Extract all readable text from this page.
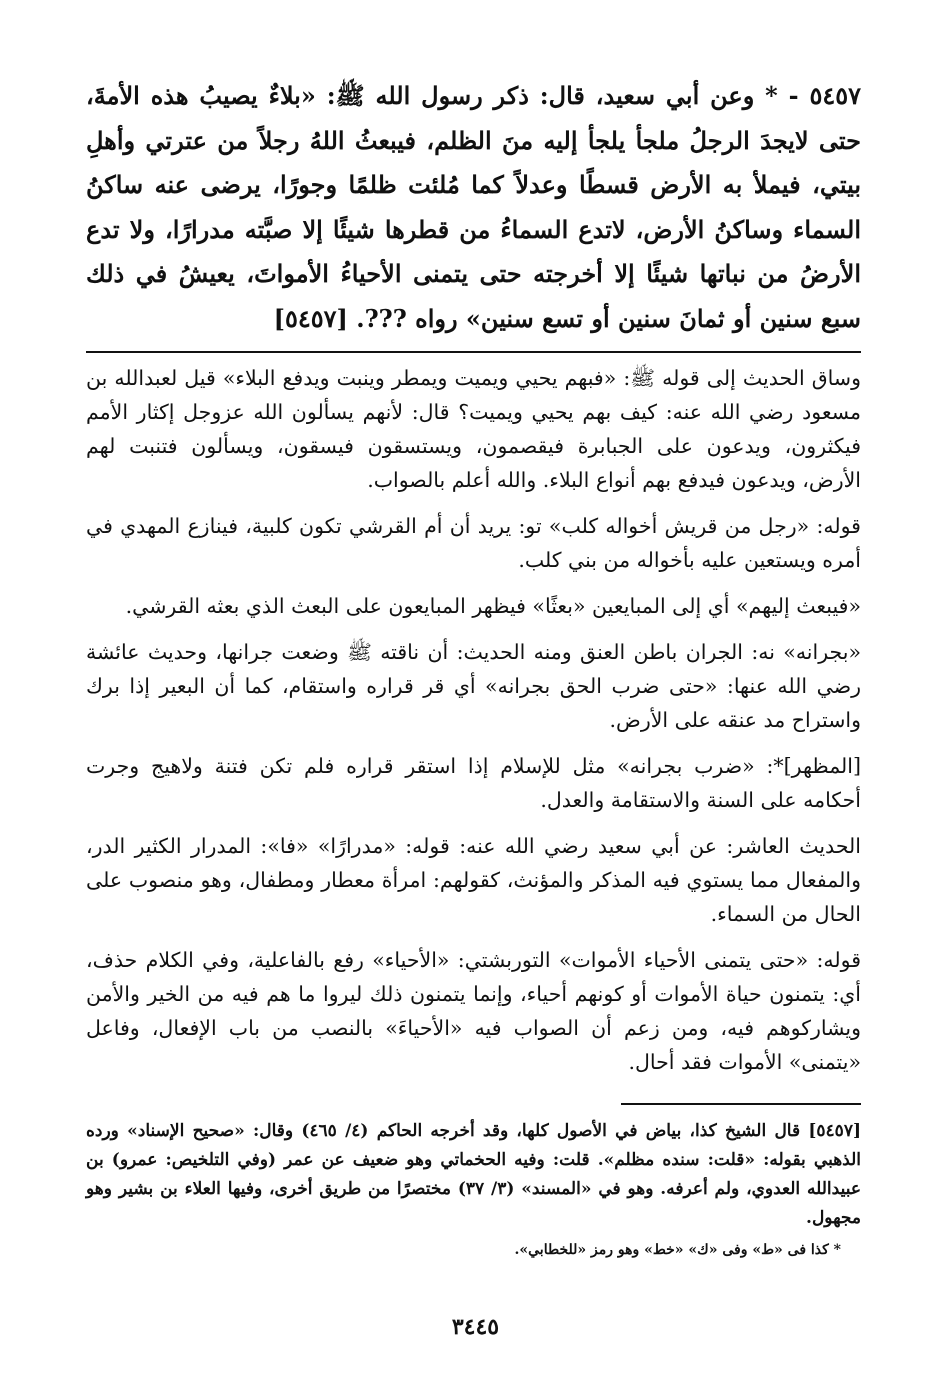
٥٤٥٧ - * وعن أبي سعيد، قال: ذكر رسول الله ﷺ: «بلاءٌ يصيبُ هذه الأمةَ، حتى لايجدَ الرجلُ ملجأ يلجأ إليه منَ الظلم، فيبعثُ اللهُ رجلاً من عترتي وأهلِ بيتي، فيملأ به الأرض قسطًا وعدلاً كما مُلئت ظلمًا وجورًا، يرضى عنه ساكنُ السماء وساكنُ الأرض، لاتدع السماءُ من قطرها شيئًا إلا صبَّته مدرارًا، ولا تدع الأرضُ من نباتها شيئًا إلا أخرجته حتى يتمنى الأحياءُ الأمواتَ، يعيشُ في ذلك سبع سنين أو ثمانَ سنين أو تسع سنين» رواه ???. [٥٤٥٧]

وساق الحديث إلى قوله ﷺ: «فبهم يحيي ويميت ويمطر وينبت ويدفع البلاء» قيل لعبدالله بن مسعود رضي الله عنه: كيف بهم يحيي ويميت؟ قال: لأنهم يسألون الله عزوجل إكثار الأمم فيكثرون، ويدعون على الجبابرة فيقصمون، ويستسقون فيسقون، ويسألون فتنبت لهم الأرض، ويدعون فيدفع بهم أنواع البلاء. والله أعلم بالصواب.

قوله: «رجل من قريش أخواله كلب» تو: يريد أن أم القرشي تكون كلبية، فينازع المهدي في أمره ويستعين عليه بأخواله من بني كلب.

«فيبعث إليهم» أي إلى المبايعين «بعثًا» فيظهر المبايعون على البعث الذي بعثه القرشي.

«بجرانه» نه: الجران باطن العنق ومنه الحديث: أن ناقته ﷺ وضعت جرانها، وحديث عائشة رضي الله عنها: «حتى ضرب الحق بجرانه» أي قر قراره واستقام، كما أن البعير إذا برك واستراح مد عنقه على الأرض.

[المظهر]*: «ضرب بجرانه» مثل للإسلام إذا استقر قراره فلم تكن فتنة ولاهيج وجرت أحكامه على السنة والاستقامة والعدل.

الحديث العاشر: عن أبي سعيد رضي الله عنه: قوله: «مدرارًا» «فا»: المدرار الكثير الدر، والمفعال مما يستوي فيه المذكر والمؤنث، كقولهم: امرأة معطار ومطفال، وهو منصوب على الحال من السماء.

قوله: «حتى يتمنى الأحياء الأموات» التوربشتي: «الأحياء» رفع بالفاعلية، وفي الكلام حذف، أي: يتمنون حياة الأموات أو كونهم أحياء، وإنما يتمنون ذلك ليروا ما هم فيه من الخير والأمن ويشاركوهم فيه، ومن زعم أن الصواب فيه «الأحياءَ» بالنصب من باب الإفعال، وفاعل «يتمنى» الأموات فقد أحال.

[٥٤٥٧] قال الشيخ كذا، بياض في الأصول كلها، وقد أخرجه الحاكم (٤/ ٤٦٥) وقال: «صحيح الإسناد» ورده الذهبي بقوله: «قلت: سنده مظلم». قلت: وفيه الحخماتي وهو ضعيف عن عمر (وفي التلخيص: عمرو) بن عبيدالله العدوي، ولم أعرفه. وهو في «المسند» (٣/ ٣٧) مختصرًا من طريق أخرى، وفيها العلاء بن بشير وهو مجهول.

* كذا فى «ط» وفى «ك» «خط» وهو رمز «للخطابي».

٣٤٤٥
